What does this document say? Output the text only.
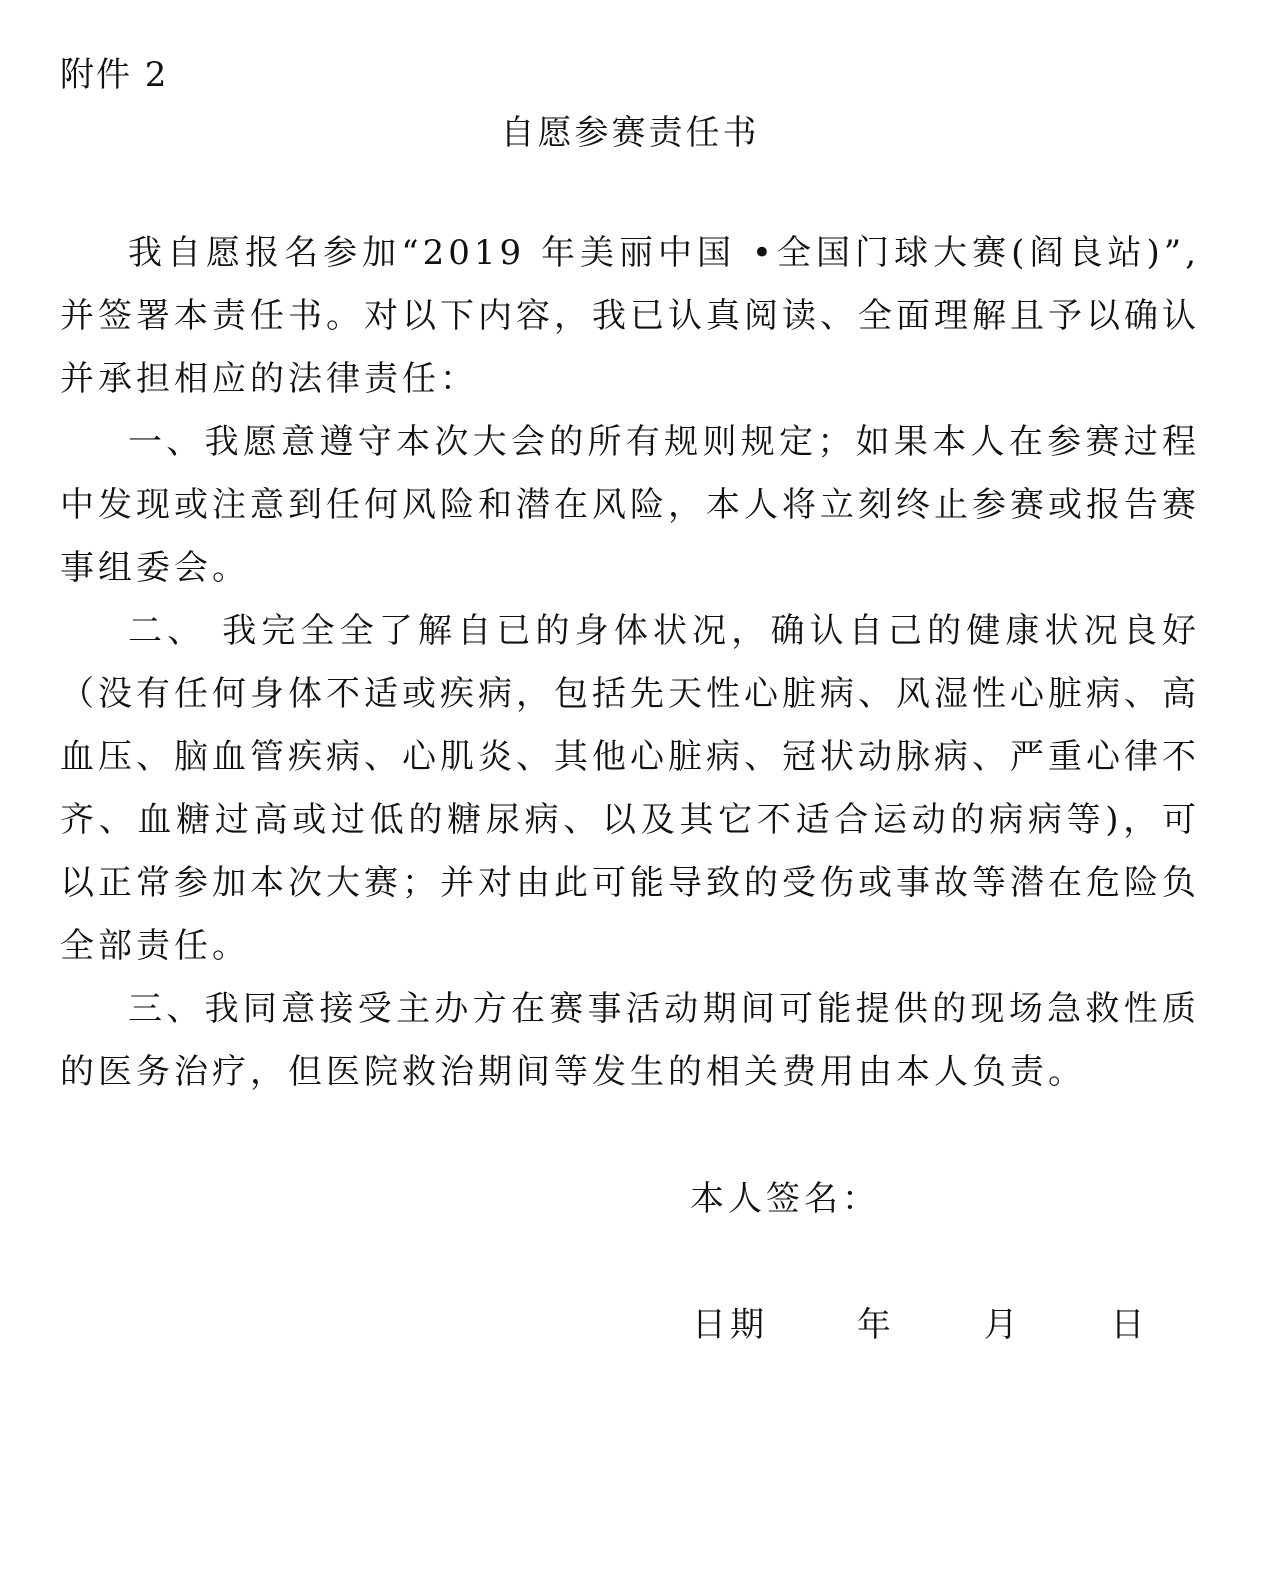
附件 2
自愿参赛责任书

我自愿报名参加“2019 年美丽中国 •全国门球大赛(阎良站)”,并签署本责任书。对以下内容，我已认真阅读、全面理解且予以确认并承担相应的法律责任：

一、我愿意遵守本次大会的所有规则规定；如果本人在参赛过程中发现或注意到任何风险和潜在风险，本人将立刻终止参赛或报告赛事组委会。

二、 我完全全了解自已的身体状况，确认自己的健康状况良好（没有任何身体不适或疾病，包括先天性心脏病、风湿性心脏病、高血压、脑血管疾病、心肌炎、其他心脏病、冠状动脉病、严重心律不齐、血糖过高或过低的糖尿病、以及其它不适合运动的病病等)，可以正常参加本次大赛；并对由此可能导致的受伤或事故等潜在危险负全部责任。

三、我同意接受主办方在赛事活动期间可能提供的现场急救性质的医务治疗，但医院救治期间等发生的相关费用由本人负责。

本人签名：
日期      年      月      日
